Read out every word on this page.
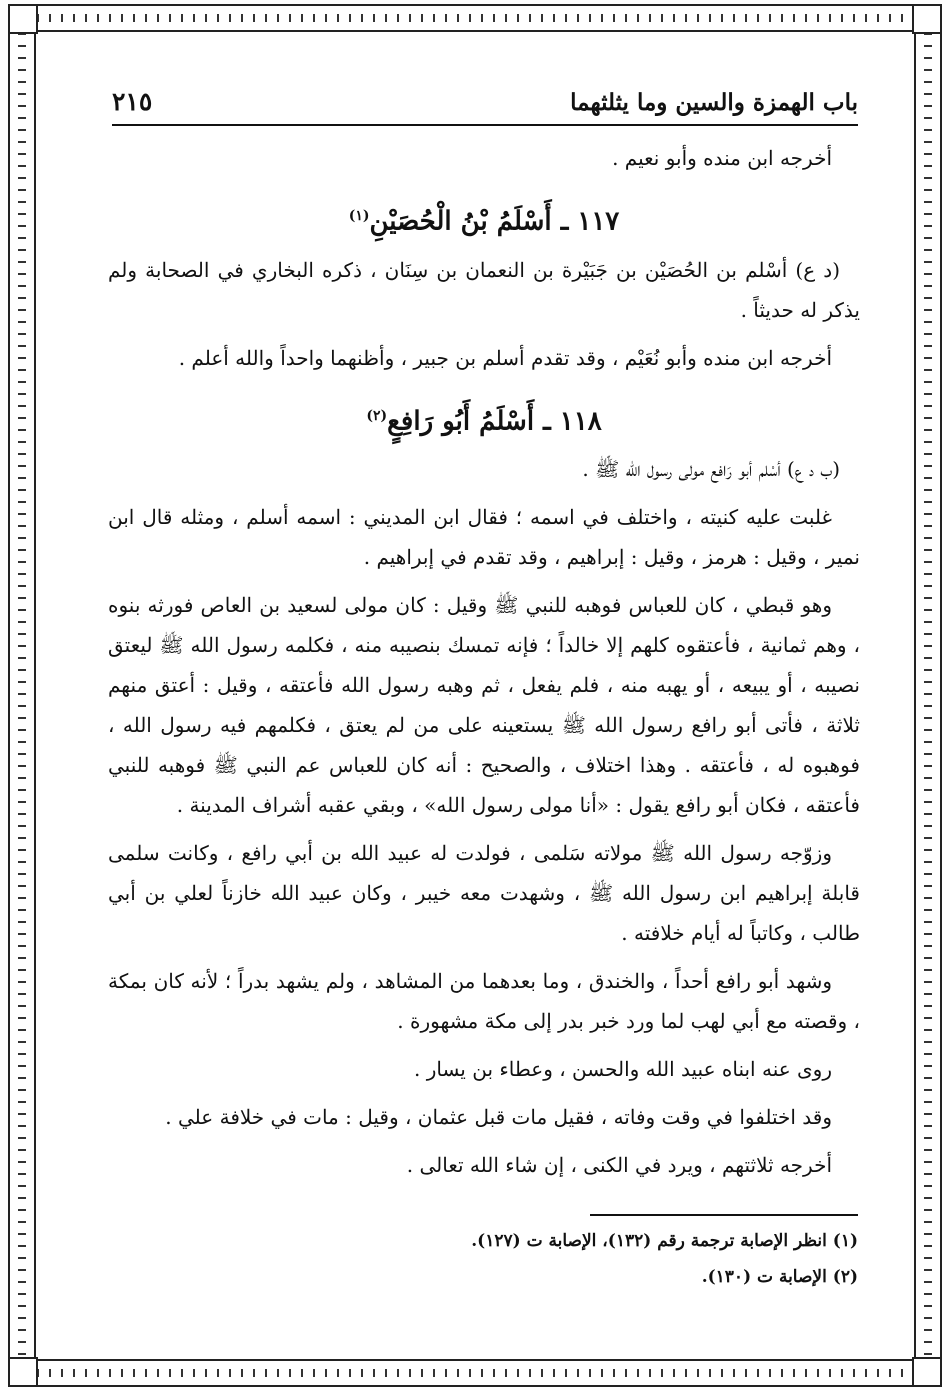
باب الهمزة والسين وما يثلثهما
٢١٥

أخرجه ابن منده وأبو نعيم .

١١٧ ـ أَسْلَمُ بْنُ الْحُصَيْنِ$^{(١)}$

(د ع) أسْلم بن الحُصَيْن بن جَبَيْرة بن النعمان بن سِنَان ، ذكره البخاري في الصحابة ولم يذكر له حديثاً .

أخرجه ابن منده وأبو نُعَيْم ، وقد تقدم أسلم بن جبير ، وأظنهما واحداً والله أعلم .

١١٨ ـ أَسْلَمُ أَبُو رَافِعٍ$^{(٢)}$

(ب د ع) أسْلم أبو رَافع مولى رسول الله ﷺ .

غلبت عليه كنيته ، واختلف في اسمه ؛ فقال ابن المديني : اسمه أسلم ، ومثله قال ابن نمير ، وقيل : هرمز ، وقيل : إبراهيم ، وقد تقدم في إبراهيم .

وهو قبطي ، كان للعباس فوهبه للنبي ﷺ وقيل : كان مولى لسعيد بن العاص فورثه بنوه ، وهم ثمانية ، فأعتقوه كلهم إلا خالداً ؛ فإنه تمسك بنصيبه منه ، فكلمه رسول الله ﷺ ليعتق نصيبه ، أو يبيعه ، أو يهبه منه ، فلم يفعل ، ثم وهبه رسول الله فأعتقه ، وقيل : أعتق منهم ثلاثة ، فأتى أبو رافع رسول الله ﷺ يستعينه على من لم يعتق ، فكلمهم فيه رسول الله ، فوهبوه له ، فأعتقه . وهذا اختلاف ، والصحيح : أنه كان للعباس عم النبي ﷺ فوهبه للنبي فأعتقه ، فكان أبو رافع يقول : «أنا مولى رسول الله» ، وبقي عقبه أشراف المدينة .

وزوّجه رسول الله ﷺ مولاته سَلمى ، فولدت له عبيد الله بن أبي رافع ، وكانت سلمى قابلة إبراهيم ابن رسول الله ﷺ ، وشهدت معه خيبر ، وكان عبيد الله خازناً لعلي بن أبي طالب ، وكاتباً له أيام خلافته .

وشهد أبو رافع أحداً ، والخندق ، وما بعدهما من المشاهد ، ولم يشهد بدراً ؛ لأنه كان بمكة ، وقصته مع أبي لهب لما ورد خبر بدر إلى مكة مشهورة .

روى عنه ابناه عبيد الله والحسن ، وعطاء بن يسار .

وقد اختلفوا في وقت وفاته ، فقيل مات قبل عثمان ، وقيل : مات في خلافة علي .

أخرجه ثلاثتهم ، ويرد في الكنى ، إن شاء الله تعالى .

(١) انظر الإصابة ترجمة رقم (١٣٢)، الإصابة ت (١٢٧).

(٢) الإصابة ت (١٣٠).
